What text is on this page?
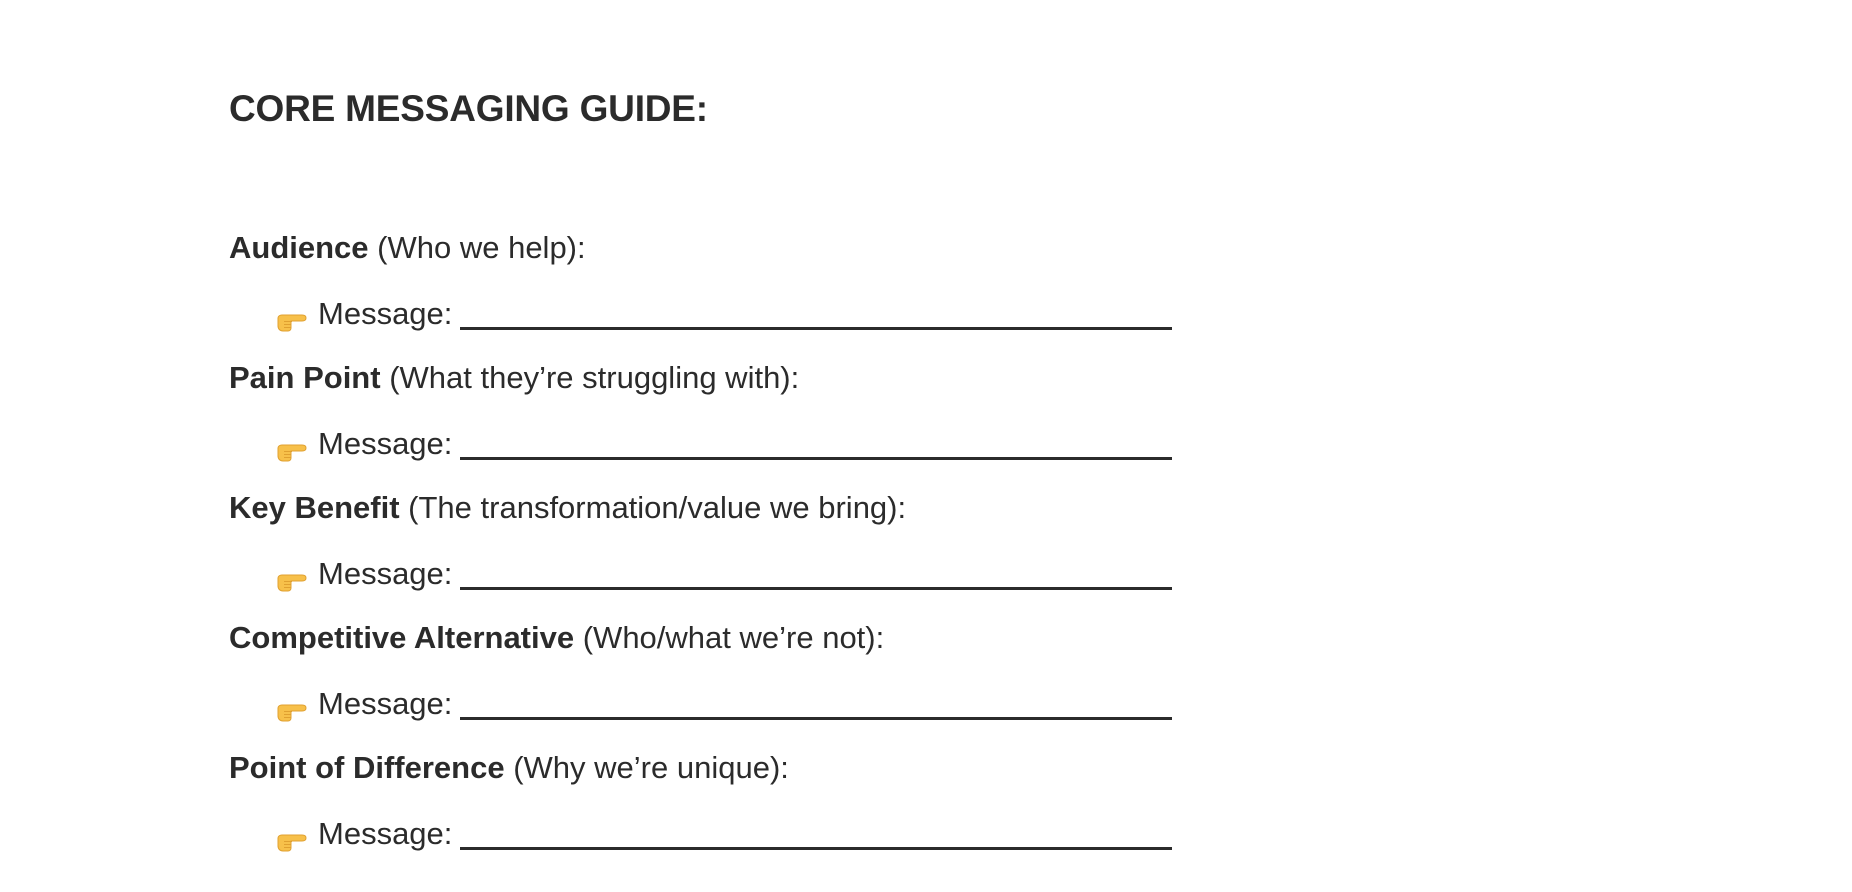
CORE MESSAGING GUIDE:
Audience (Who we help):
Message:
Pain Point (What they’re struggling with):
Message:
Key Benefit (The transformation/value we bring):
Message:
Competitive Alternative (Who/what we’re not):
Message:
Point of Difference (Why we’re unique):
Message:
